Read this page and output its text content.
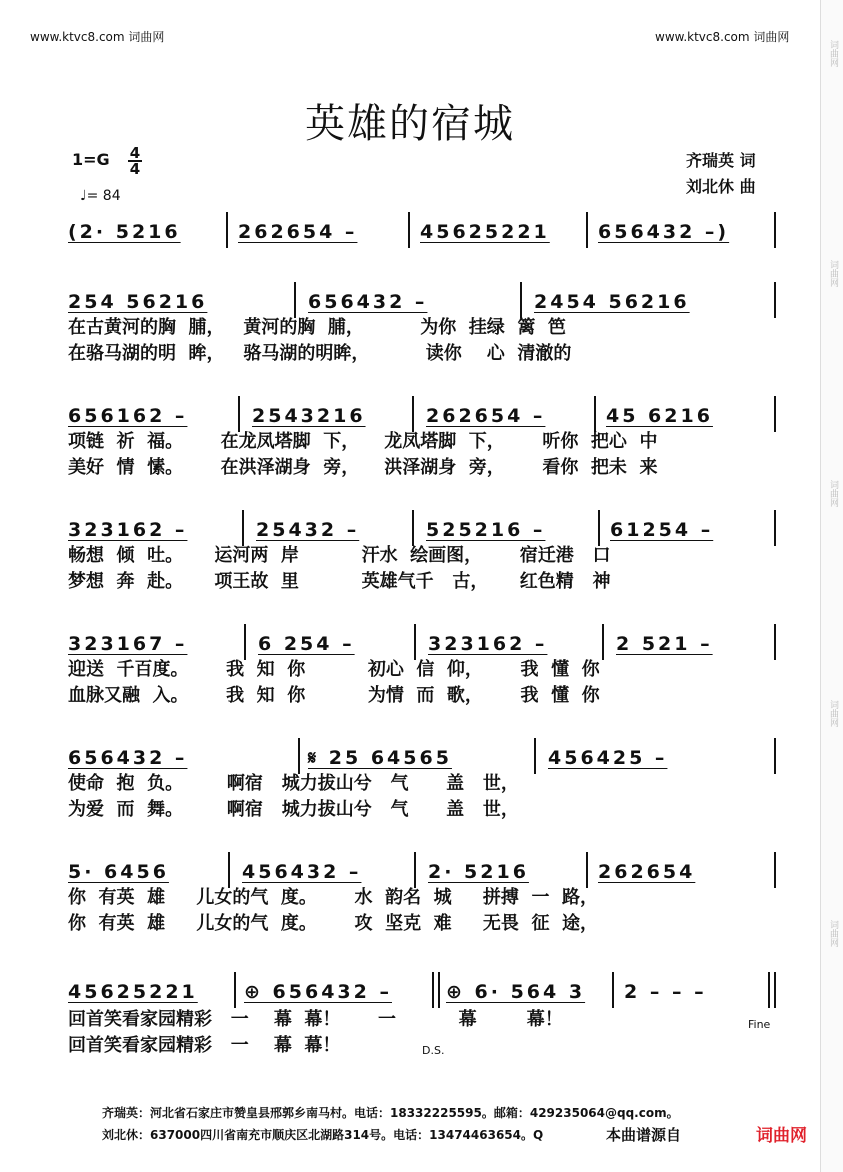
www.ktvc8.com 词曲网	www.ktvc8.com 词曲网
词曲网
词曲网
词曲网
词曲网
词曲网
英雄的宿城
1=G 4

4
♩= 84
齐瑞英 词
刘北休 曲
(2· 5216	262654 –	45625221	656432 –)
254 56216	656432 –	2454 56216
在古黄河的胸  脯，   黄河的胸  脯，         为你  挂绿  篱  笆
在骆马湖的明  眸，   骆马湖的明眸，         读你    心  清澈的
656162 –	2543216	262654 –	45 6216
项链  祈  福。      在龙凤塔脚  下，    龙凤塔脚  下，      听你  把心  中
美好  情  愫。      在洪泽湖身  旁，    洪泽湖身  旁，      看你  把未  来
323162 –	25432 –	525216 –	61254 –
畅想  倾  吐。     运河两  岸          汗水  绘画图，      宿迁港   口
梦想  奔  赴。     项王故  里          英雄气千   古，     红色精   神
323167 –	6 254 –	323162 –	2 521 –
迎送  千百度。      我  知  你          初心  信  仰，      我  懂  你
血脉又融  入。      我  知  你          为情  而  歌，      我  懂  你
656432 –	𝄋 25 64565	456425 –
使命  抱  负。       啊宿   城力拔山兮   气      盖   世，
为爱  而  舞。       啊宿   城力拔山兮   气      盖   世，
5· 6456	456432 –	2· 5216	262654
你  有英  雄     儿女的气  度。      水  韵名  城     拼搏  一  路，
你  有英  雄     儿女的气  度。      攻  坚克  难     无畏  征  途，
45625221 ⊕ 656432 –	⊕ 6· 564 3 2 – – –
回首笑看家园精彩   一    幕  幕！      一          幕        幕！
回首笑看家园精彩   一    幕  幕！
Fine
D.S.
齐瑞英：河北省石家庄市赞皇县邢郭乡南马村。电话：18332225595。邮箱：429235064@qq.com。
刘北休：637000四川省南充市顺庆区北湖路314号。电话：13474463654。Q	本曲谱源自	词曲网
